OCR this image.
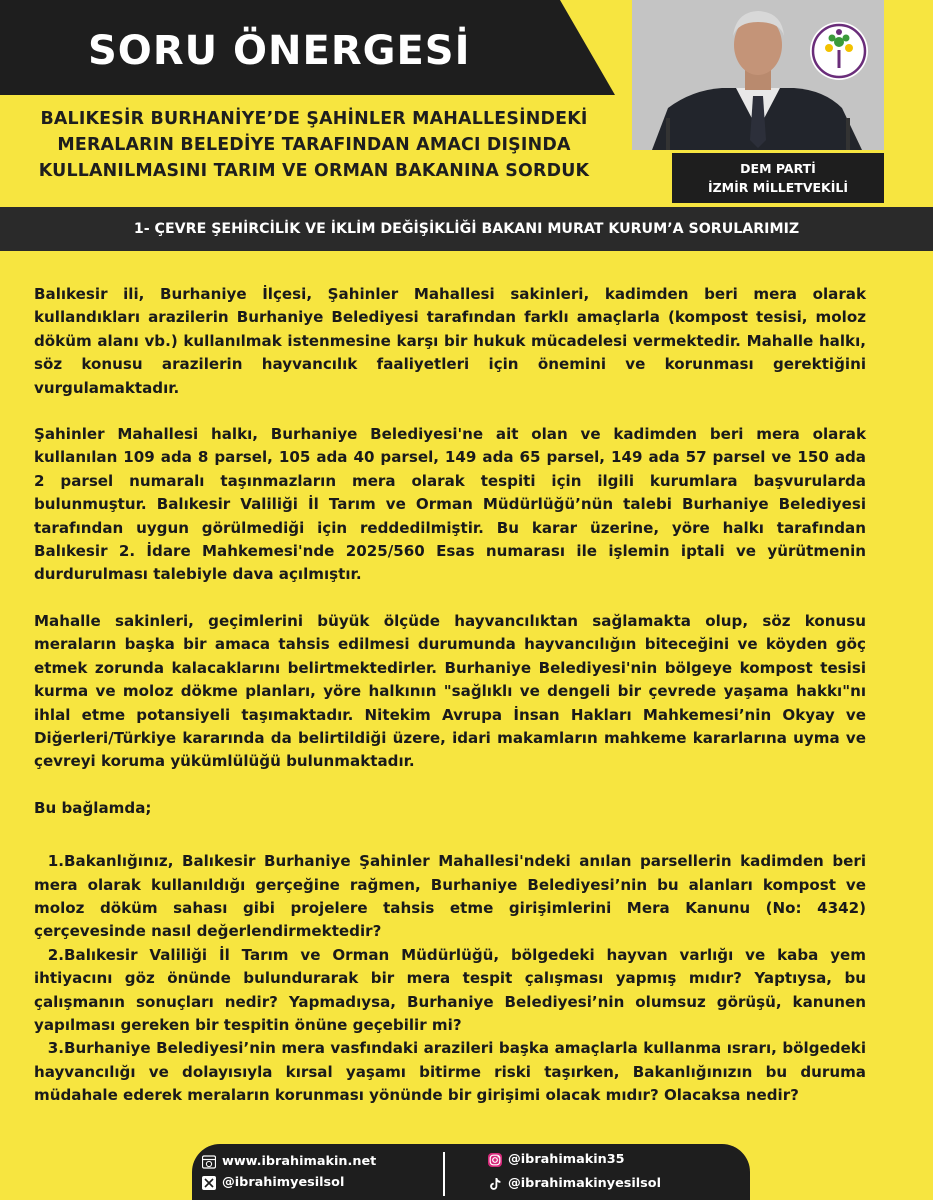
SORU ÖNERGESİ
BALIKESİR BURHANİYE’DE ŞAHİNLER MAHALLESİNDEKİ
MERALARIN BELEDİYE TARAFINDAN AMACI DIŞINDA
KULLANILMASINI TARIM VE ORMAN BAKANINA SORDUK	DEM PARTİ
İZMİR MİLLETVEKİLİ
1- ÇEVRE ŞEHİRCİLİK VE İKLİM DEĞİŞİKLİĞİ BAKANI MURAT KURUM’A SORULARIMIZ

Balıkesir ili, Burhaniye İlçesi, Şahinler Mahallesi sakinleri, kadimden beri mera olarak kullandıkları arazilerin Burhaniye Belediyesi tarafından farklı amaçlarla (kompost tesisi, moloz döküm alanı vb.) kullanılmak istenmesine karşı bir hukuk mücadelesi vermektedir. Mahalle halkı, söz konusu arazilerin hayvancılık faaliyetleri için önemini ve korunması gerektiğini vurgulamaktadır.

Şahinler Mahallesi halkı, Burhaniye Belediyesi'ne ait olan ve kadimden beri mera olarak kullanılan 109 ada 8 parsel, 105 ada 40 parsel, 149 ada 65 parsel, 149 ada 57 parsel ve 150 ada 2 parsel numaralı taşınmazların mera olarak tespiti için ilgili kurumlara başvurularda bulunmuştur. Balıkesir Valiliği İl Tarım ve Orman Müdürlüğü’nün talebi Burhaniye Belediyesi tarafından uygun görülmediği için reddedilmiştir. Bu karar üzerine, yöre halkı tarafından Balıkesir 2. İdare Mahkemesi'nde 2025/560 Esas numarası ile işlemin iptali ve yürütmenin durdurulması talebiyle dava açılmıştır.

Mahalle sakinleri, geçimlerini büyük ölçüde hayvancılıktan sağlamakta olup, söz konusu meraların başka bir amaca tahsis edilmesi durumunda hayvancılığın biteceğini ve köyden göç etmek zorunda kalacaklarını belirtmektedirler. Burhaniye Belediyesi'nin bölgeye kompost tesisi kurma ve moloz dökme planları, yöre halkının "sağlıklı ve dengeli bir çevrede yaşama hakkı"nı ihlal etme potansiyeli taşımaktadır. Nitekim Avrupa İnsan Hakları Mahkemesi’nin Okyay ve Diğerleri/Türkiye kararında da belirtildiği üzere, idari makamların mahkeme kararlarına uyma ve çevreyi koruma yükümlülüğü bulunmaktadır.

Bu bağlamda;

1.Bakanlığınız, Balıkesir Burhaniye Şahinler Mahallesi'ndeki anılan parsellerin kadimden beri mera olarak kullanıldığı gerçeğine rağmen, Burhaniye Belediyesi’nin bu alanları kompost ve moloz döküm sahası gibi projelere tahsis etme girişimlerini Mera Kanunu (No: 4342) çerçevesinde nasıl değerlendirmektedir?
2.Balıkesir Valiliği İl Tarım ve Orman Müdürlüğü, bölgedeki hayvan varlığı ve kaba yem ihtiyacını göz önünde bulundurarak bir mera tespit çalışması yapmış mıdır? Yaptıysa, bu çalışmanın sonuçları nedir? Yapmadıysa, Burhaniye Belediyesi’nin olumsuz görüşü, kanunen yapılması gereken bir tespitin önüne geçebilir mi?
3.Burhaniye Belediyesi’nin mera vasfındaki arazileri başka amaçlarla kullanma ısrarı, bölgedeki hayvancılığı ve dolayısıyla kırsal yaşamı bitirme riski taşırken, Bakanlığınızın bu duruma müdahale ederek meraların korunması yönünde bir girişimi olacak mıdır? Olacaksa nedir?
www.ibrahimakin.net
@ibrahimyesilsol
@ibrahimakin35
@ibrahimakinyesilsol
